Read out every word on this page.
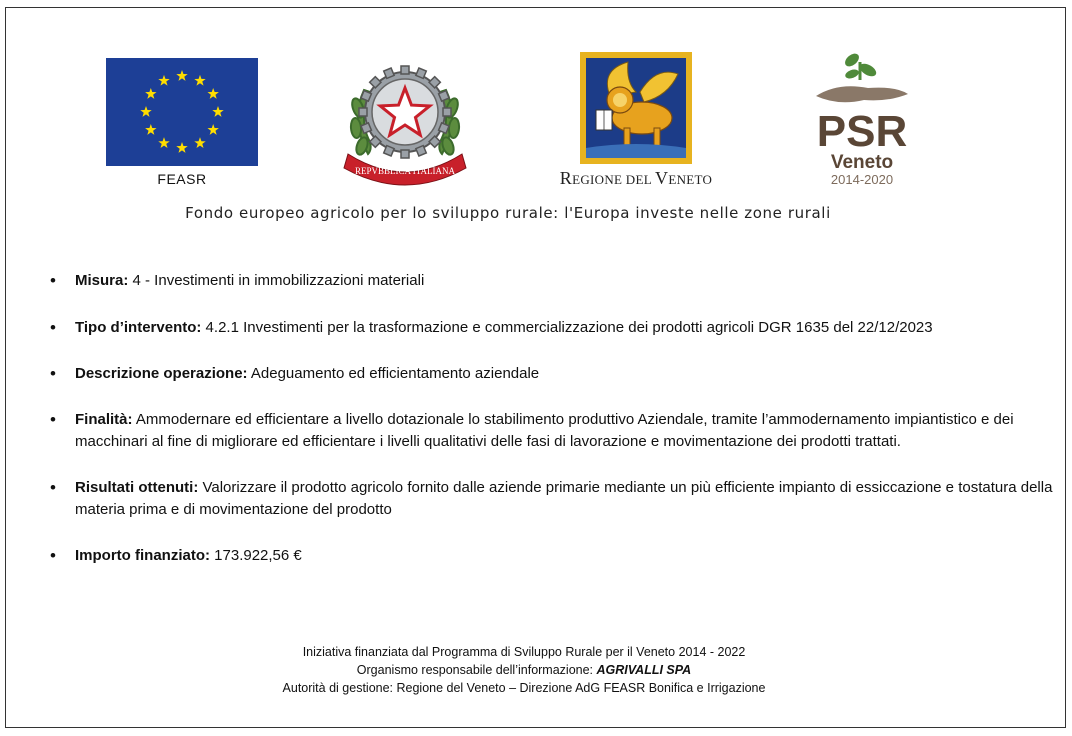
FEASR	REPVBBLICA ITALIANA	REGIONE DEL VENETO
PSR
Veneto
2014-2020
Fondo europeo agricolo per lo sviluppo rurale: l'Europa investe nelle zone rurali
• Misura: 4 - Investimenti in immobilizzazioni materiali
• Tipo d’intervento: 4.2.1 Investimenti per la trasformazione e commercializzazione dei prodotti agricoli DGR 1635 del 22/12/2023
• Descrizione operazione: Adeguamento ed efficientamento aziendale
• Finalità: Ammodernare ed efficientare a livello dotazionale lo stabilimento produttivo Aziendale, tramite l’ammodernamento impiantistico e dei macchinari al fine di migliorare ed efficientare i livelli qualitativi delle fasi di lavorazione e movimentazione dei prodotti trattati.
• Risultati ottenuti: Valorizzare il prodotto agricolo fornito dalle aziende primarie mediante un più efficiente impianto di essiccazione e tostatura della materia prima e di movimentazione del prodotto
• Importo finanziato: 173.922,56 €
Iniziativa finanziata dal Programma di Sviluppo Rurale per il Veneto 2014 - 2022
Organismo responsabile dell’informazione: AGRIVALLI SPA
Autorità di gestione: Regione del Veneto – Direzione AdG FEASR Bonifica e Irrigazione
